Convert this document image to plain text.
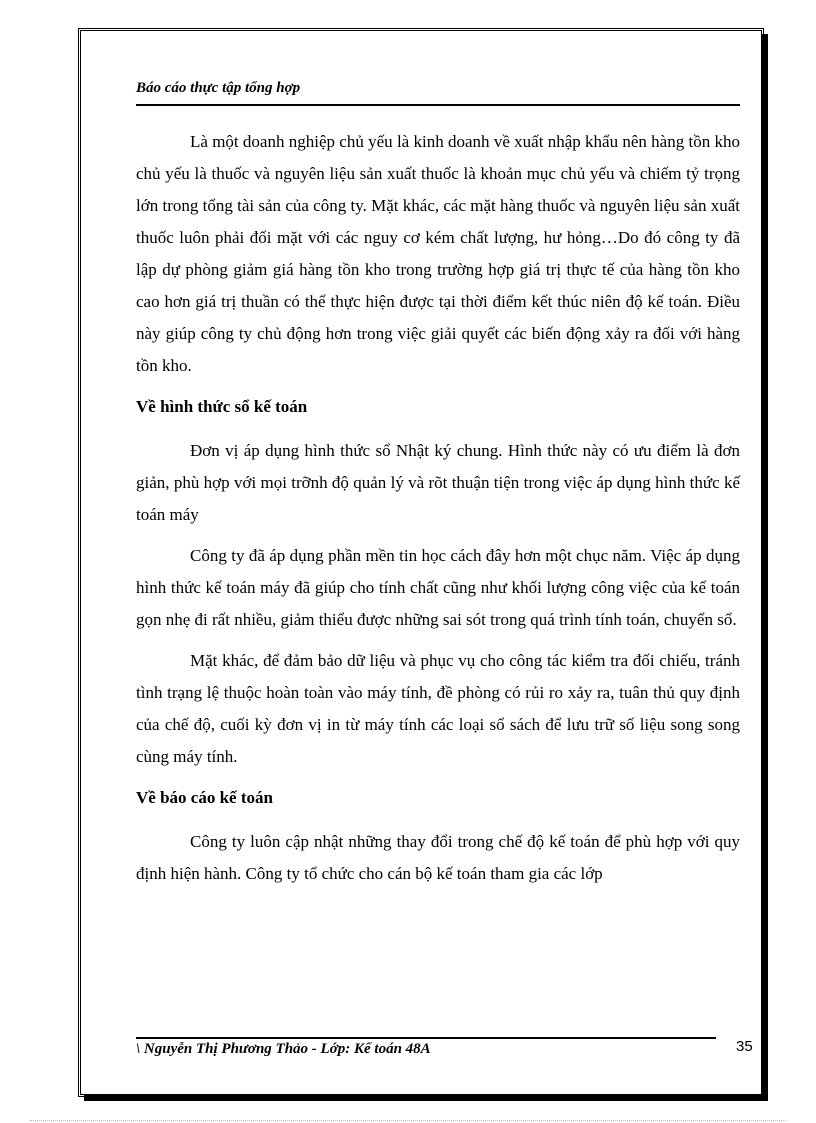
Báo cáo thực tập tổng hợp

Là một doanh nghiệp chủ yếu là kinh doanh về xuất nhập khẩu nên hàng tồn kho chủ yếu là thuốc và nguyên liệu sản xuất thuốc là khoản mục chủ yếu và chiếm tỷ trọng lớn trong tổng tài sản của công ty. Mặt khác, các mặt hàng thuốc và nguyên liệu sản xuất thuốc luôn phải đối mặt với các nguy cơ kém chất lượng, hư hỏng…Do đó công ty đã lập dự phòng giảm giá hàng tồn kho trong trường hợp giá trị thực tế của hàng tồn kho cao hơn giá trị thuần có thể thực hiện được tại thời điểm kết thúc niên độ kế toán. Điều này giúp công ty chủ động hơn trong việc giải quyết các biến động xảy ra đối với hàng tồn kho.

Về hình thức sổ kế toán

Đơn vị áp dụng hình thức sổ Nhật ký chung. Hình thức này có ưu điểm là đơn giản, phù hợp với mọi trỡnh độ quản lý và rõt thuận tiện trong việc áp dụng hình thức kế toán máy

Công ty đã áp dụng phần mền tin học cách đây hơn một chục năm. Việc áp dụng hình thức kế toán máy đã giúp cho tính chất cũng như khối lượng công việc của kế toán gọn nhẹ đi rất nhiều, giảm thiểu được những sai sót trong quá trình tính toán, chuyển sổ.

Mặt khác, để đảm bảo dữ liệu và phục vụ cho công tác kiểm tra đối chiếu, tránh tình trạng lệ thuộc hoàn toàn vào máy tính, đề phòng có rủi ro xảy ra, tuân thủ quy định của chế độ, cuối kỳ đơn vị in từ máy tính các loại sổ sách để lưu trữ số liệu song song cùng máy tính.

Về báo cáo kế toán

Công ty luôn cập nhật những thay đổi trong chế độ kế toán để phù hợp với quy định hiện hành. Công ty tổ chức cho cán bộ kế toán tham gia các lớp

\ Nguyễn Thị Phương Thảo - Lớp: Kế toán 48A	35
